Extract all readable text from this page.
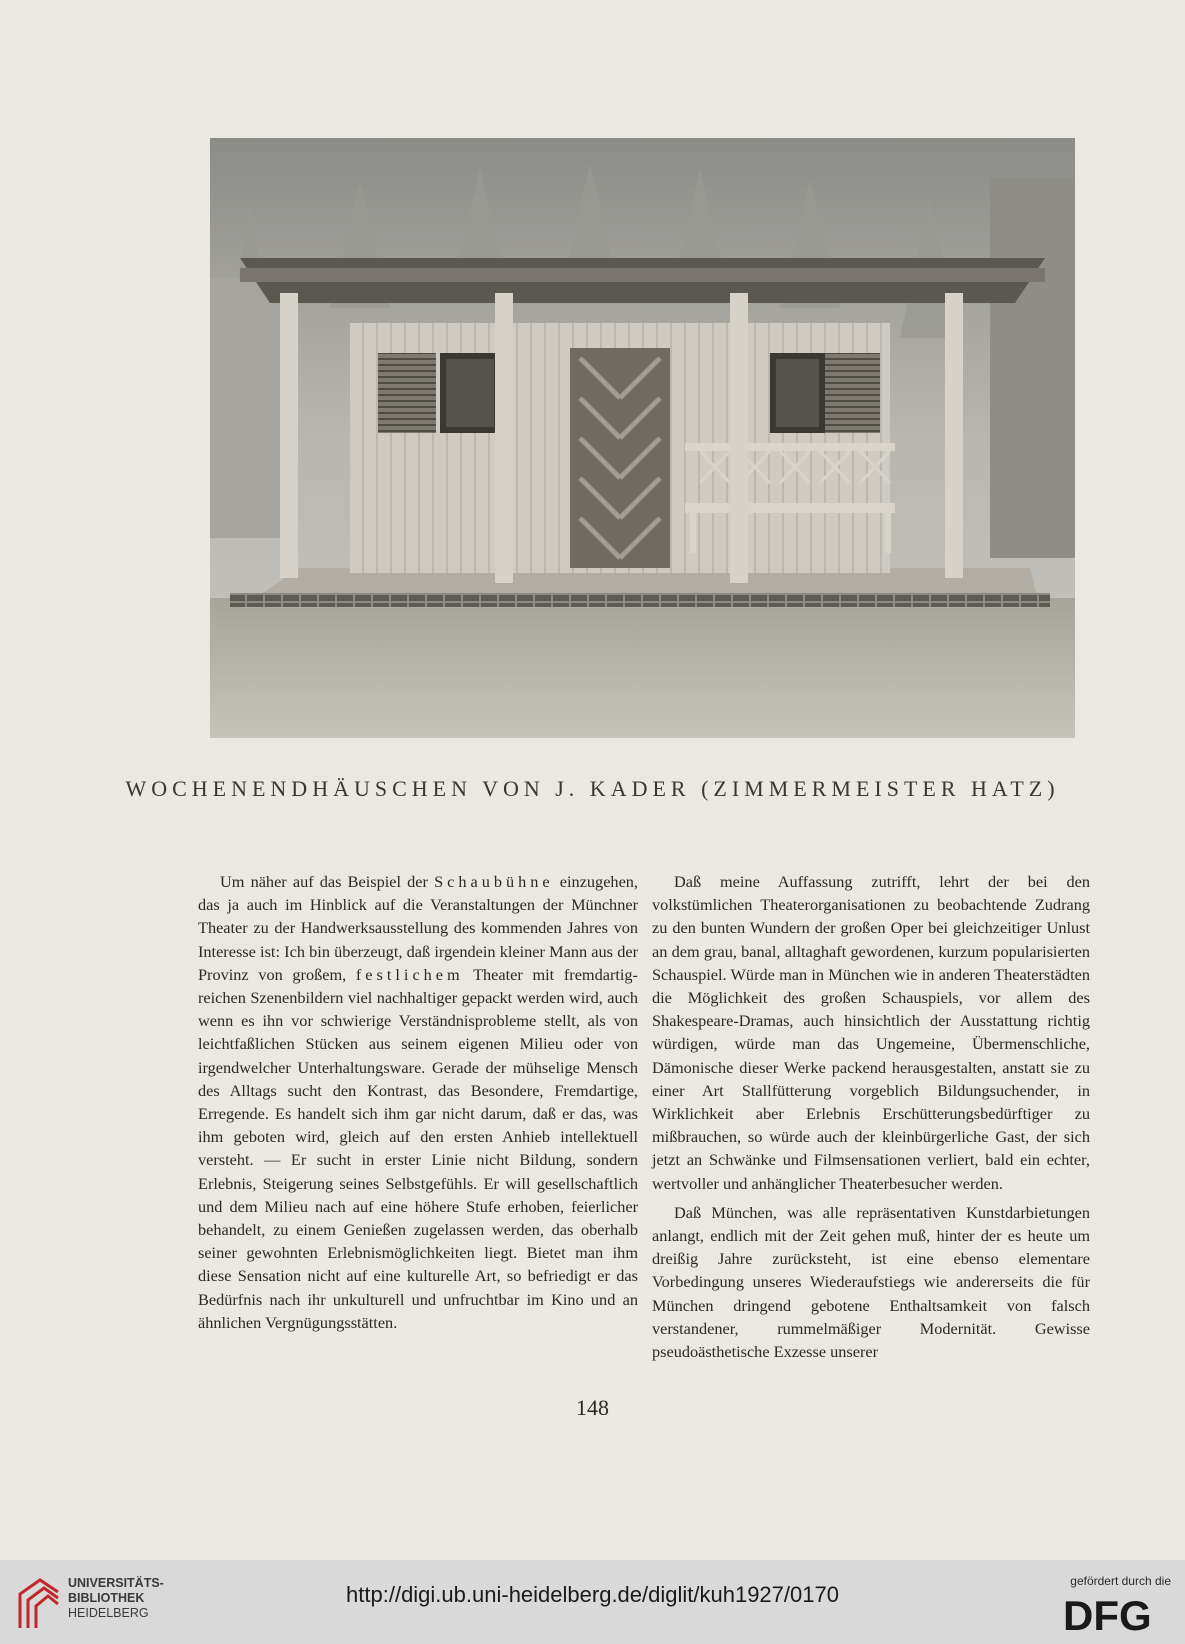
WOCHENENDHÄUSCHEN VON J. KADER (ZIMMERMEISTER HATZ)

Um näher auf das Beispiel der Schaubühne einzugehen, das ja auch im Hinblick auf die Veranstaltungen der Münchner Theater zu der Handwerksausstellung des kommenden Jahres von Interesse ist: Ich bin überzeugt, daß irgendein kleiner Mann aus der Provinz von großem, festlichem Theater mit fremdartig-reichen Szenenbildern viel nachhaltiger gepackt werden wird, auch wenn es ihn vor schwierige Verständnisprobleme stellt, als von leichtfaßlichen Stücken aus seinem eigenen Milieu oder von irgendwelcher Unterhaltungsware. Gerade der mühselige Mensch des Alltags sucht den Kontrast, das Besondere, Fremdartige, Erregende. Es handelt sich ihm gar nicht darum, daß er das, was ihm geboten wird, gleich auf den ersten Anhieb intellektuell versteht. — Er sucht in erster Linie nicht Bildung, sondern Erlebnis, Steigerung seines Selbstgefühls. Er will gesellschaftlich und dem Milieu nach auf eine höhere Stufe erhoben, feierlicher behandelt, zu einem Genießen zugelassen werden, das oberhalb seiner gewohnten Erlebnismöglichkeiten liegt. Bietet man ihm diese Sensation nicht auf eine kulturelle Art, so befriedigt er das Bedürfnis nach ihr unkulturell und unfruchtbar im Kino und an ähnlichen Vergnügungsstätten.

Daß meine Auffassung zutrifft, lehrt der bei den volkstümlichen Theaterorganisationen zu beobachtende Zudrang zu den bunten Wundern der großen Oper bei gleichzeitiger Unlust an dem grau, banal, alltaghaft gewordenen, kurzum popularisierten Schauspiel. Würde man in München wie in anderen Theaterstädten die Möglichkeit des großen Schauspiels, vor allem des Shakespeare-Dramas, auch hinsichtlich der Ausstattung richtig würdigen, würde man das Ungemeine, Übermenschliche, Dämonische dieser Werke packend herausgestalten, anstatt sie zu einer Art Stallfütterung vorgeblich Bildungsuchender, in Wirklichkeit aber Erlebnis Erschütterungsbedürftiger zu mißbrauchen, so würde auch der kleinbürgerliche Gast, der sich jetzt an Schwänke und Filmsensationen verliert, bald ein echter, wertvoller und anhänglicher Theaterbesucher werden.

Daß München, was alle repräsentativen Kunstdarbietungen anlangt, endlich mit der Zeit gehen muß, hinter der es heute um dreißig Jahre zurücksteht, ist eine ebenso elementare Vorbedingung unseres Wiederaufstiegs wie andererseits die für München dringend gebotene Enthaltsamkeit von falsch verstandener, rummelmäßiger Modernität. Gewisse pseudoästhetische Exzesse unserer

148
UNIVERSITÄTS-
BIBLIOTHEK
HEIDELBERG
http://digi.ub.uni-heidelberg.de/diglit/kuh1927/0170
gefördert durch die
DFG
